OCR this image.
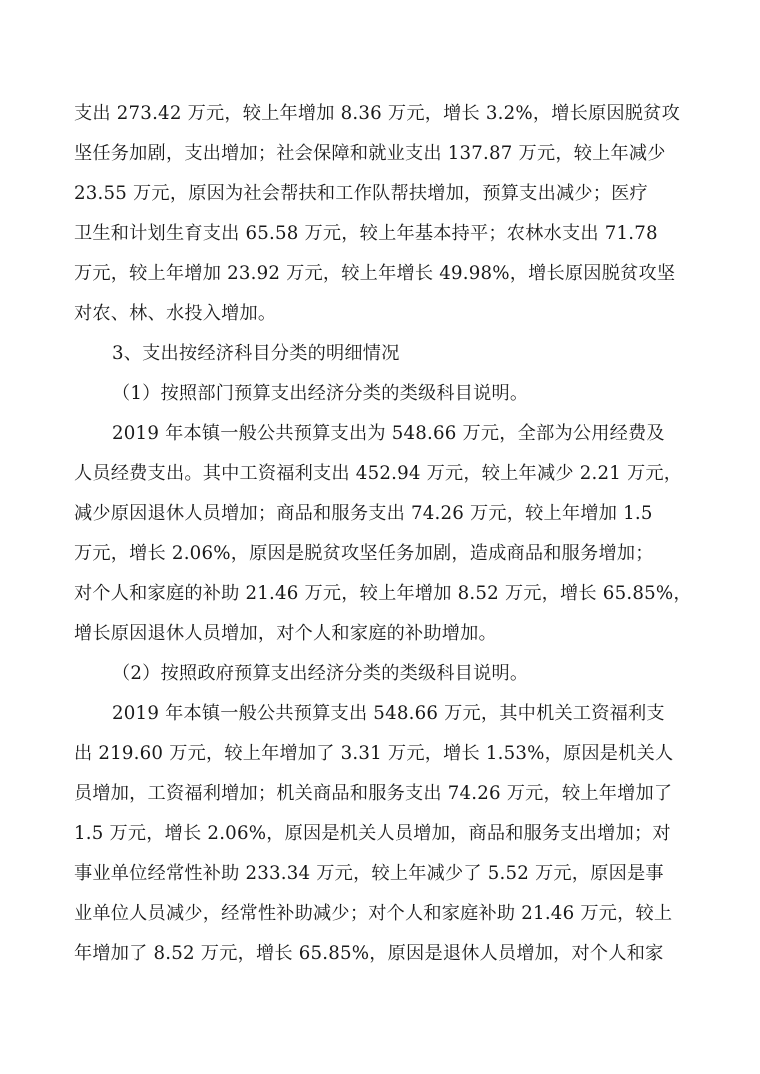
支出 273.42 万元，较上年增加 8.36 万元，增长 3.2%，增长原因脱贫攻
坚任务加剧，支出增加；社会保障和就业支出 137.87 万元，较上年减少
23.55 万元，原因为社会帮扶和工作队帮扶增加，预算支出减少；医疗
卫生和计划生育支出 65.58 万元，较上年基本持平；农林水支出 71.78
万元，较上年增加 23.92 万元，较上年增长 49.98%，增长原因脱贫攻坚
对农、林、水投入增加。
3、支出按经济科目分类的明细情况
（1）按照部门预算支出经济分类的类级科目说明。
2019 年本镇一般公共预算支出为 548.66 万元，全部为公用经费及
人员经费支出。其中工资福利支出 452.94 万元，较上年减少 2.21 万元，
减少原因退休人员增加；商品和服务支出 74.26 万元，较上年增加 1.5
万元，增长 2.06%，原因是脱贫攻坚任务加剧，造成商品和服务增加；
对个人和家庭的补助 21.46 万元，较上年增加 8.52 万元，增长 65.85%，
增长原因退休人员增加，对个人和家庭的补助增加。
（2）按照政府预算支出经济分类的类级科目说明。
2019 年本镇一般公共预算支出 548.66 万元，其中机关工资福利支
出 219.60 万元，较上年增加了 3.31 万元，增长 1.53%，原因是机关人
员增加，工资福利增加；机关商品和服务支出 74.26 万元，较上年增加了
1.5 万元，增长 2.06%，原因是机关人员增加，商品和服务支出增加；对
事业单位经常性补助 233.34 万元，较上年减少了 5.52 万元，原因是事
业单位人员减少，经常性补助减少；对个人和家庭补助 21.46 万元，较上
年增加了 8.52 万元，增长 65.85%，原因是退休人员增加，对个人和家
